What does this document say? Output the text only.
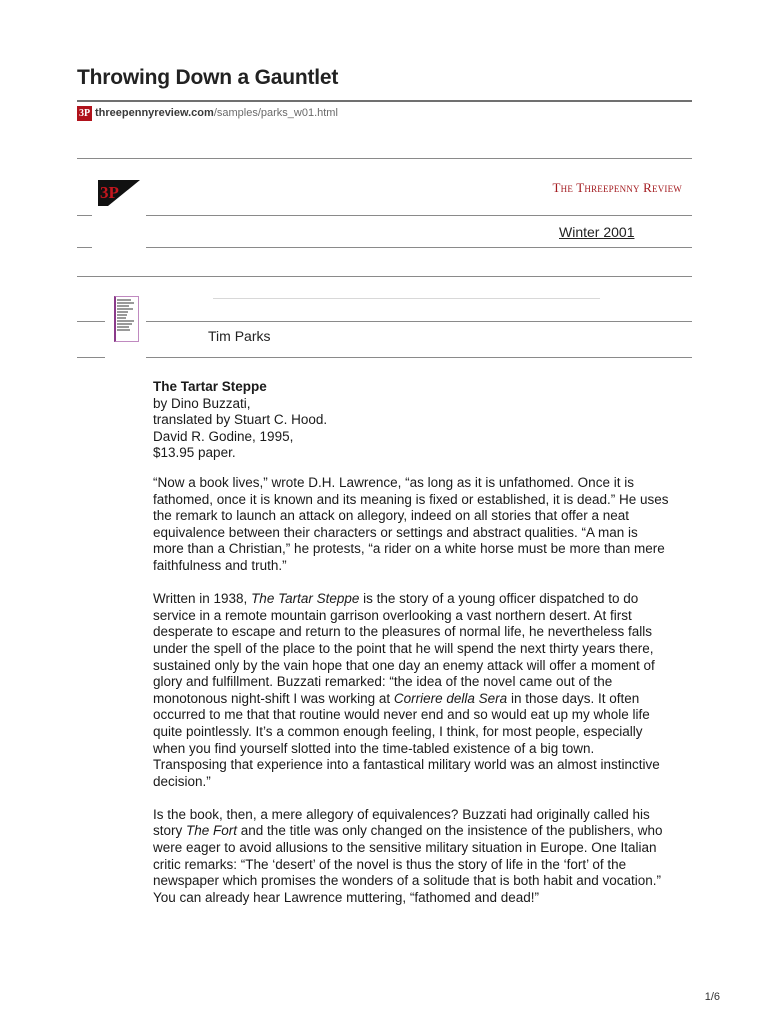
Throwing Down a Gauntlet
3P threepennyreview.com /samples/parks_w01.html
3P	The Threepenny Review
Winter 2001
Tim Parks
The Tartar Steppe
by Dino Buzzati,
translated by Stuart C. Hood.
David R. Godine, 1995,
$13.95 paper.

“Now a book lives,” wrote D.H. Lawrence, “as long as it is unfathomed. Once it is fathomed, once it is known and its meaning is fixed or established, it is dead.” He uses the remark to launch an attack on allegory, indeed on all stories that offer a neat equivalence between their characters or settings and abstract qualities. “A man is more than a Christian,” he protests, “a rider on a white horse must be more than mere faithfulness and truth.”

Written in 1938, The Tartar Steppe is the story of a young officer dispatched to do service in a remote mountain garrison overlooking a vast northern desert. At first desperate to escape and return to the pleasures of normal life, he nevertheless falls under the spell of the place to the point that he will spend the next thirty years there, sustained only by the vain hope that one day an enemy attack will offer a moment of glory and fulfillment. Buzzati remarked: “the idea of the novel came out of the monotonous night-shift I was working at Corriere della Sera in those days. It often occurred to me that that routine would never end and so would eat up my whole life quite pointlessly. It’s a common enough feeling, I think, for most people, especially when you find yourself slotted into the time-tabled existence of a big town. Transposing that experience into a fantastical military world was an almost instinctive decision.”

Is the book, then, a mere allegory of equivalences? Buzzati had originally called his story The Fort and the title was only changed on the insistence of the publishers, who were eager to avoid allusions to the sensitive military situation in Europe. One Italian critic remarks: “The ‘desert’ of the novel is thus the story of life in the ‘fort’ of the newspaper which promises the wonders of a solitude that is both habit and vocation.” You can already hear Lawrence muttering, “fathomed and dead!”

1/6
